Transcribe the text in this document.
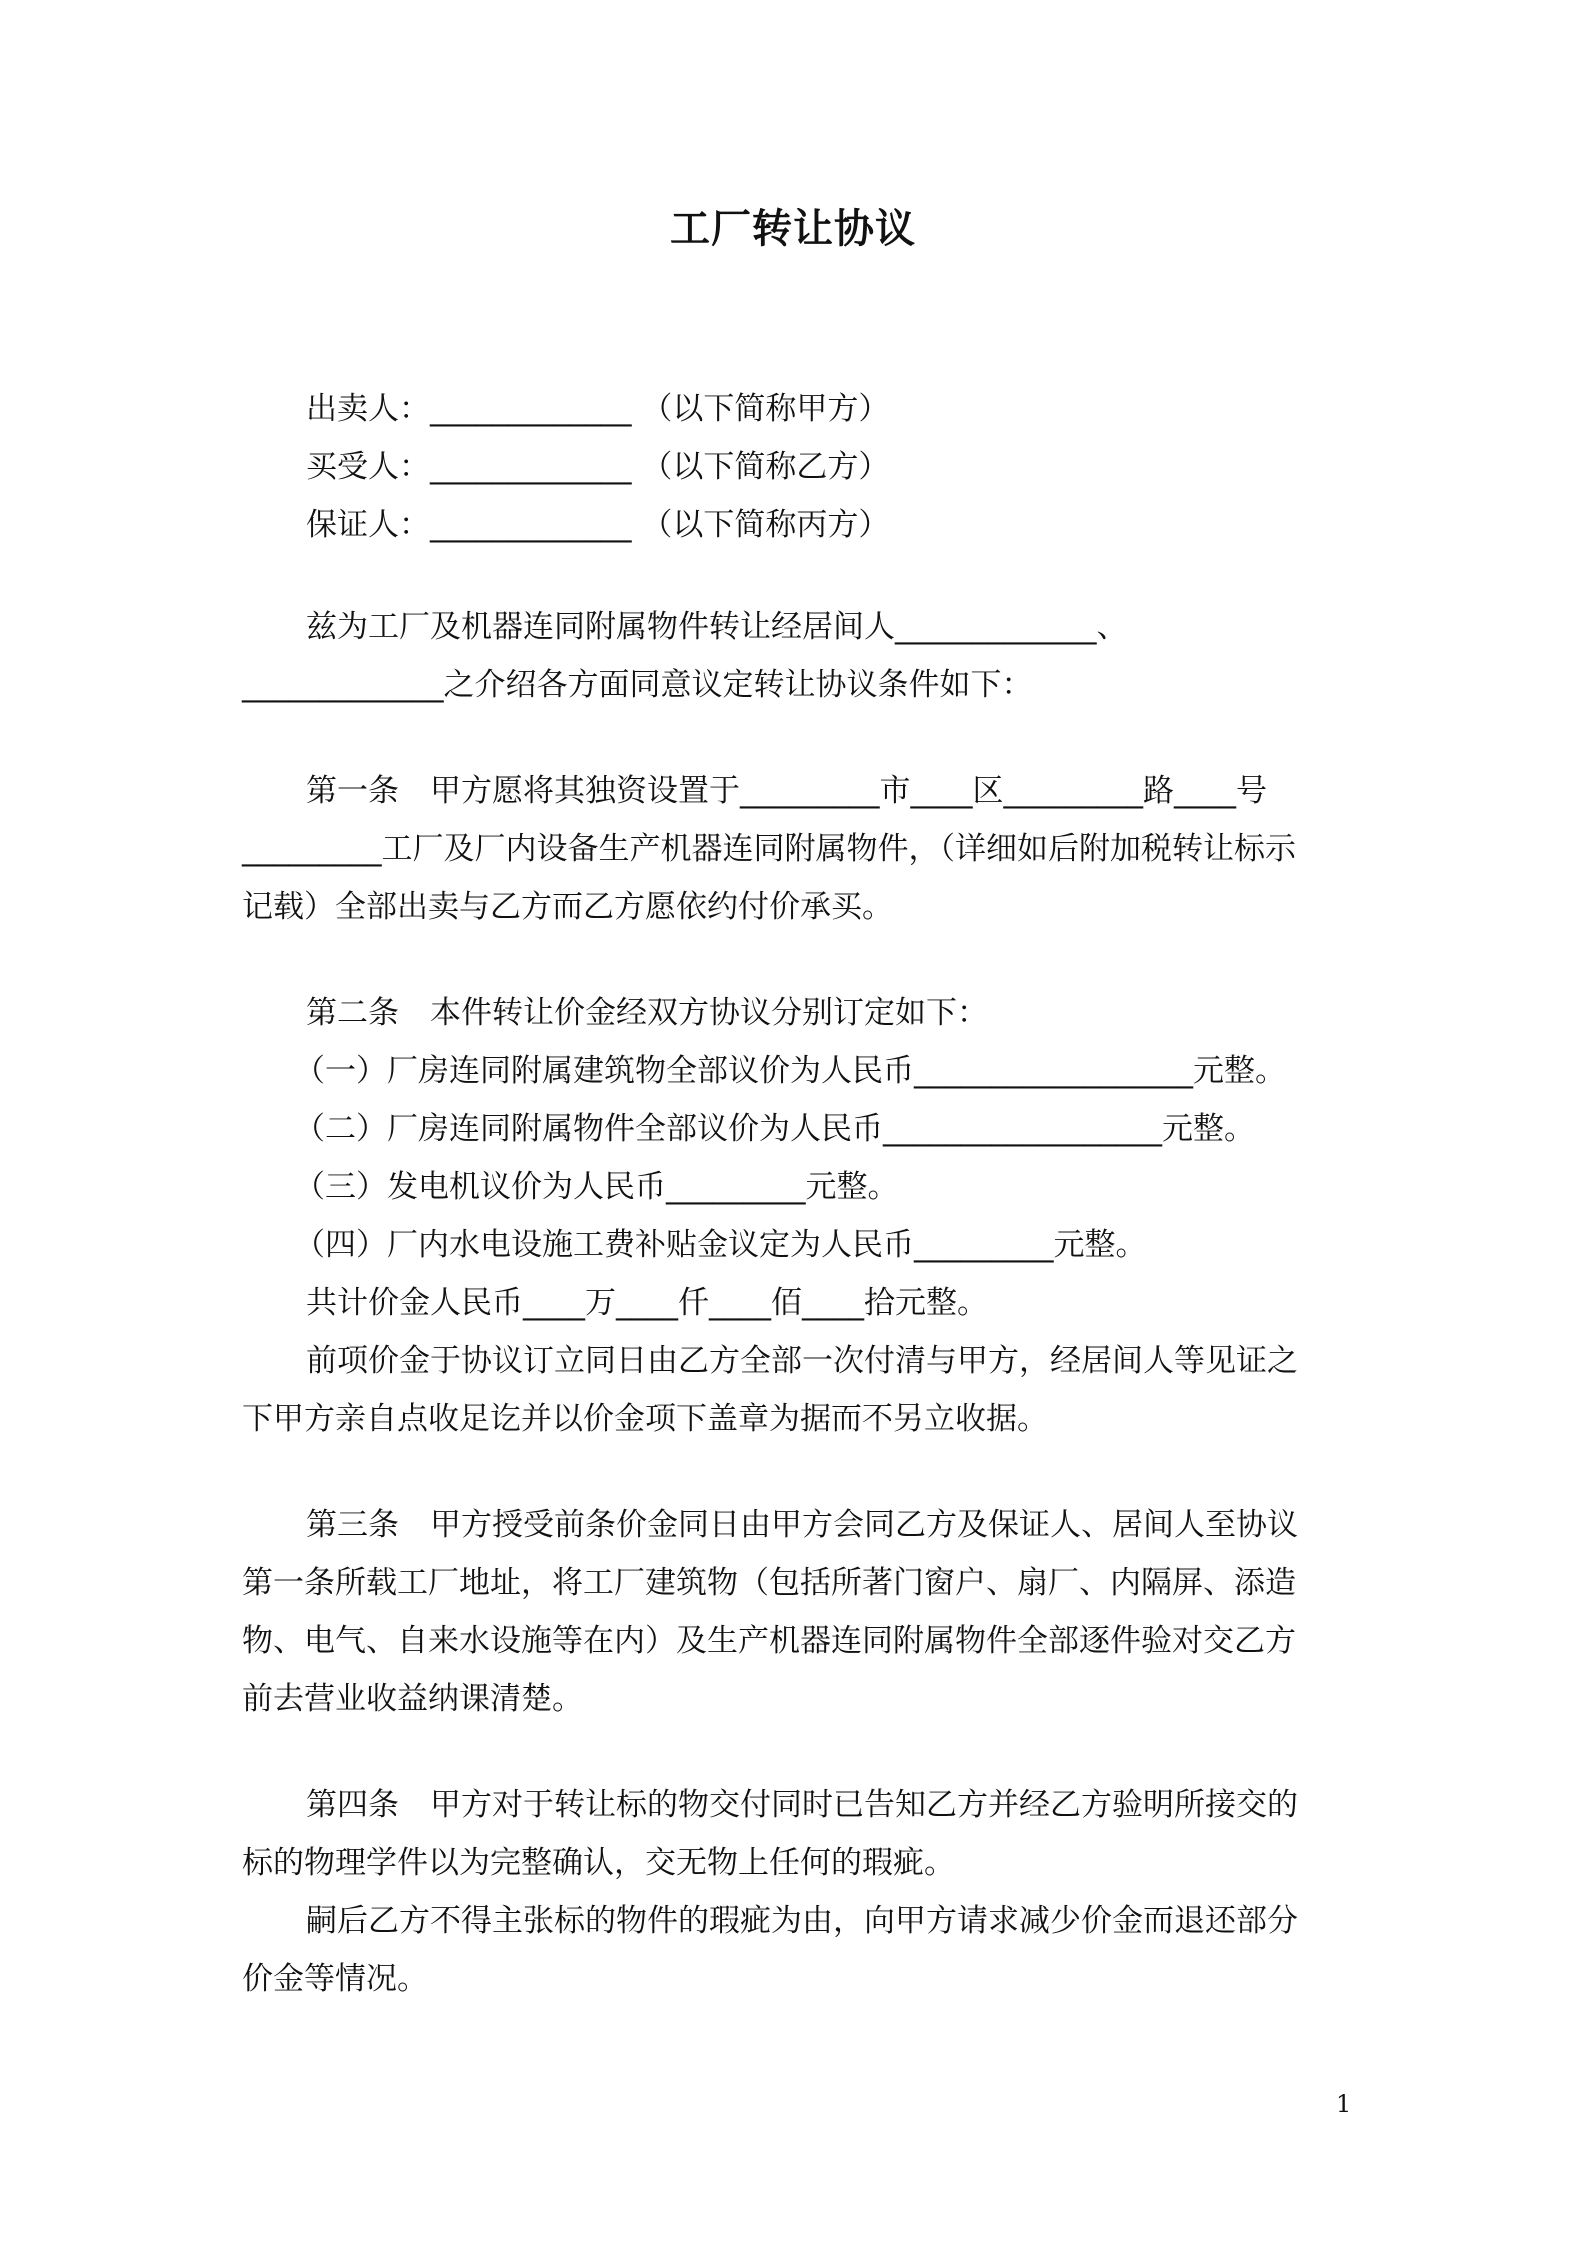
工厂转让协议
出卖人：_____________ （以下简称甲方）
买受人：_____________ （以下简称乙方）
保证人：_____________ （以下简称丙方）
兹为工厂及机器连同附属物件转让经居间人_____________、
_____________之介绍各方面同意议定转让协议条件如下：
第一条　甲方愿将其独资设置于_________市____区_________路____号
_________工厂及厂内设备生产机器连同附属物件，（详细如后附加税转让标示
记载）全部出卖与乙方而乙方愿依约付价承买。
第二条　本件转让价金经双方协议分别订定如下：
（一）厂房连同附属建筑物全部议价为人民币__________________元整。
（二）厂房连同附属物件全部议价为人民币__________________元整。
（三）发电机议价为人民币_________元整。
（四）厂内水电设施工费补贴金议定为人民币_________元整。
共计价金人民币____万____仟____佰____拾元整。
前项价金于协议订立同日由乙方全部一次付清与甲方，经居间人等见证之
下甲方亲自点收足讫并以价金项下盖章为据而不另立收据。
第三条　甲方授受前条价金同日由甲方会同乙方及保证人、居间人至协议
第一条所载工厂地址，将工厂建筑物（包括所著门窗户、扇厂、内隔屏、添造
物、电气、自来水设施等在内）及生产机器连同附属物件全部逐件验对交乙方
前去营业收益纳课清楚。
第四条　甲方对于转让标的物交付同时已告知乙方并经乙方验明所接交的
标的物理学件以为完整确认，交无物上任何的瑕疵。
嗣后乙方不得主张标的物件的瑕疵为由，向甲方请求减少价金而退还部分
价金等情况。
1
